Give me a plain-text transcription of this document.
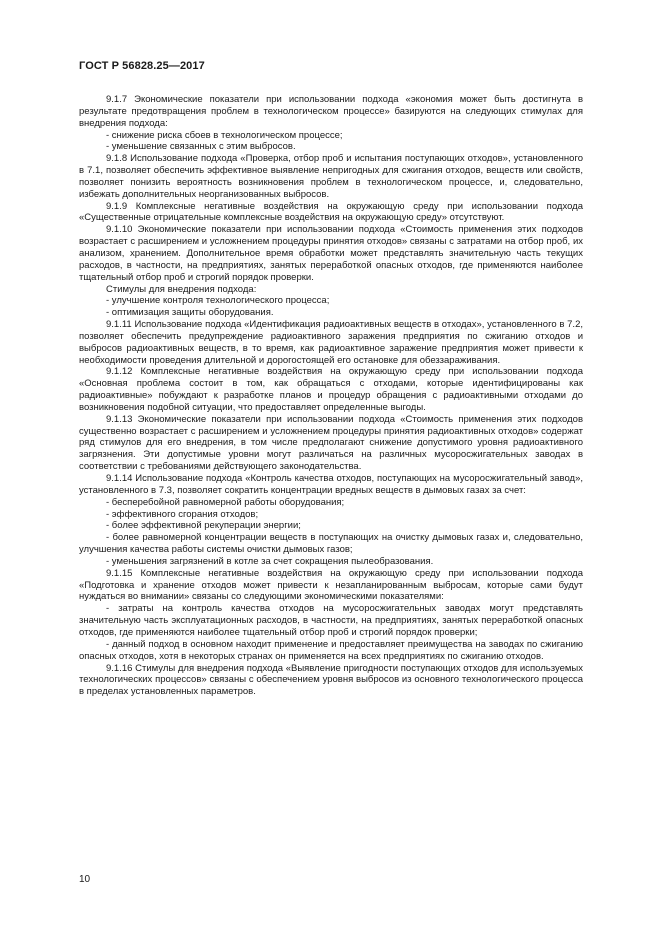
ГОСТ Р 56828.25—2017

9.1.7 Экономические показатели при использовании подхода «экономия может быть достигнута в результате предотвращения проблем в технологическом процессе» базируются на следующих стимулах для внедрения подхода:

- снижение риска сбоев в технологическом процессе;

- уменьшение связанных с этим выбросов.

9.1.8 Использование подхода «Проверка, отбор проб и испытания поступающих отходов», установленного в 7.1, позволяет обеспечить эффективное выявление непригодных для сжигания отходов, веществ или свойств, позволяет понизить вероятность возникновения проблем в технологическом процессе, и, следовательно, избежать дополнительных неорганизованных выбросов.

9.1.9 Комплексные негативные воздействия на окружающую среду при использовании подхода «Существенные отрицательные комплексные воздействия на окружающую среду» отсутствуют.

9.1.10 Экономические показатели при использовании подхода «Стоимость применения этих подходов возрастает с расширением и усложнением процедуры принятия отходов» связаны с затратами на отбор проб, их анализом, хранением. Дополнительное время обработки может представлять значительную часть текущих расходов, в частности, на предприятиях, занятых переработкой опасных отходов, где применяются наиболее тщательный отбор проб и строгий порядок проверки.

Стимулы для внедрения подхода:

- улучшение контроля технологического процесса;

- оптимизация защиты оборудования.

9.1.11 Использование подхода «Идентификация радиоактивных веществ в отходах», установленного в 7.2, позволяет обеспечить предупреждение радиоактивного заражения предприятия по сжиганию отходов и выбросов радиоактивных веществ, в то время, как радиоактивное заражение предприятия может привести к необходимости проведения длительной и дорогостоящей его остановке для обеззараживания.

9.1.12 Комплексные негативные воздействия на окружающую среду при использовании подхода «Основная проблема состоит в том, как обращаться с отходами, которые идентифицированы как радиоактивные» побуждают к разработке планов и процедур обращения с радиоактивными отходами до возникновения подобной ситуации, что предоставляет определенные выгоды.

9.1.13 Экономические показатели при использовании подхода «Стоимость применения этих подходов существенно возрастает с расширением и усложнением процедуры принятия радиоактивных отходов» содержат ряд стимулов для его внедрения, в том числе предполагают снижение допустимого уровня радиоактивного загрязнения. Эти допустимые уровни могут различаться на различных мусоросжигательных заводах в соответствии с требованиями действующего законодательства.

9.1.14 Использование подхода «Контроль качества отходов, поступающих на мусоросжигательный завод», установленного в 7.3, позволяет сократить концентрации вредных веществ в дымовых газах за счет:

- бесперебойной равномерной работы оборудования;

- эффективного сгорания отходов;

- более эффективной рекуперации энергии;

- более равномерной концентрации веществ в поступающих на очистку дымовых газах и, следовательно, улучшения качества работы системы очистки дымовых газов;

- уменьшения загрязнений в котле за счет сокращения пылеобразования.

9.1.15 Комплексные негативные воздействия на окружающую среду при использовании подхода «Подготовка и хранение отходов может привести к незапланированным выбросам, которые сами будут нуждаться во внимании» связаны со следующими экономическими показателями:

- затраты на контроль качества отходов на мусоросжигательных заводах могут представлять значительную часть эксплуатационных расходов, в частности, на предприятиях, занятых переработкой опасных отходов, где применяются наиболее тщательный отбор проб и строгий порядок проверки;

- данный подход в основном находит применение и предоставляет преимущества на заводах по сжиганию опасных отходов, хотя в некоторых странах он применяется на всех предприятиях по сжиганию отходов.

9.1.16 Стимулы для внедрения подхода «Выявление пригодности поступающих отходов для используемых технологических процессов» связаны с обеспечением уровня выбросов из основного технологического процесса в пределах установленных параметров.

10
